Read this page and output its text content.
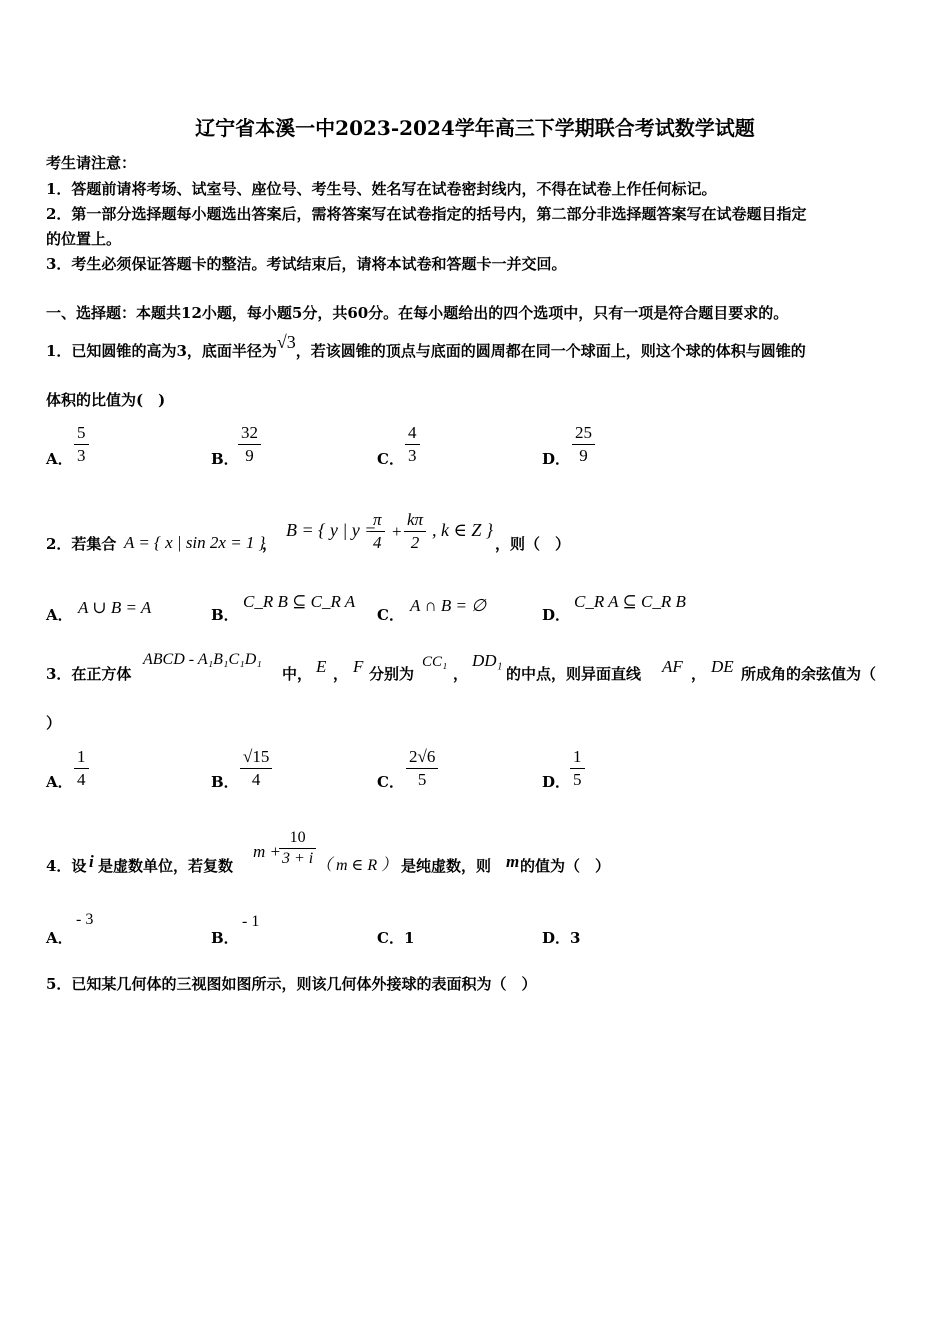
辽宁省本溪一中2023-2024学年高三下学期联合考试数学试题
考生请注意：
1．答题前请将考场、试室号、座位号、考生号、姓名写在试卷密封线内，不得在试卷上作任何标记。
2．第一部分选择题每小题选出答案后，需将答案写在试卷指定的括号内，第二部分非选择题答案写在试卷题目指定
的位置上。
3．考生必须保证答题卡的整洁。考试结束后，请将本试卷和答题卡一并交回。
一、选择题：本题共12小题，每小题5分，共60分。在每小题给出的四个选项中，只有一项是符合题目要求的。
1．已知圆锥的高为3，底面半径为√3，若该圆锥的顶点与底面的圆周都在同一个球面上，则这个球的体积与圆锥的
体积的比值为(　)
A．
5
3	B．
32
9	C．
4
3	D．
25
9
2．若集合 A = { x | sin 2x = 1 }
，
B = { y | y =
π
4
+
kπ
2
, k ∈ Z }
，则（　）
A． A ∪ B = A	B．
C_R B ⊆ C_R A
C． A ∩ B = ∅	D．
C_R A ⊆ C_R B
3．在正方体
ABCD - A₁B₁C₁D₁
中， E ， F 分别为
CC₁
，
DD₁
的中点，则异面直线 AF ， DE 所成角的余弦值为（
）
A．
1
4	B．
√15
4	C．
2√6
5	D．
1
5
4．设 i 是虚数单位，若复数
m +
10
3 + i （ m ∈ R ） 是纯虚数，则 m 的值为（　）
A．
- 3
B．
- 1
C．1	D．3
5．已知某几何体的三视图如图所示，则该几何体外接球的表面积为（　）
